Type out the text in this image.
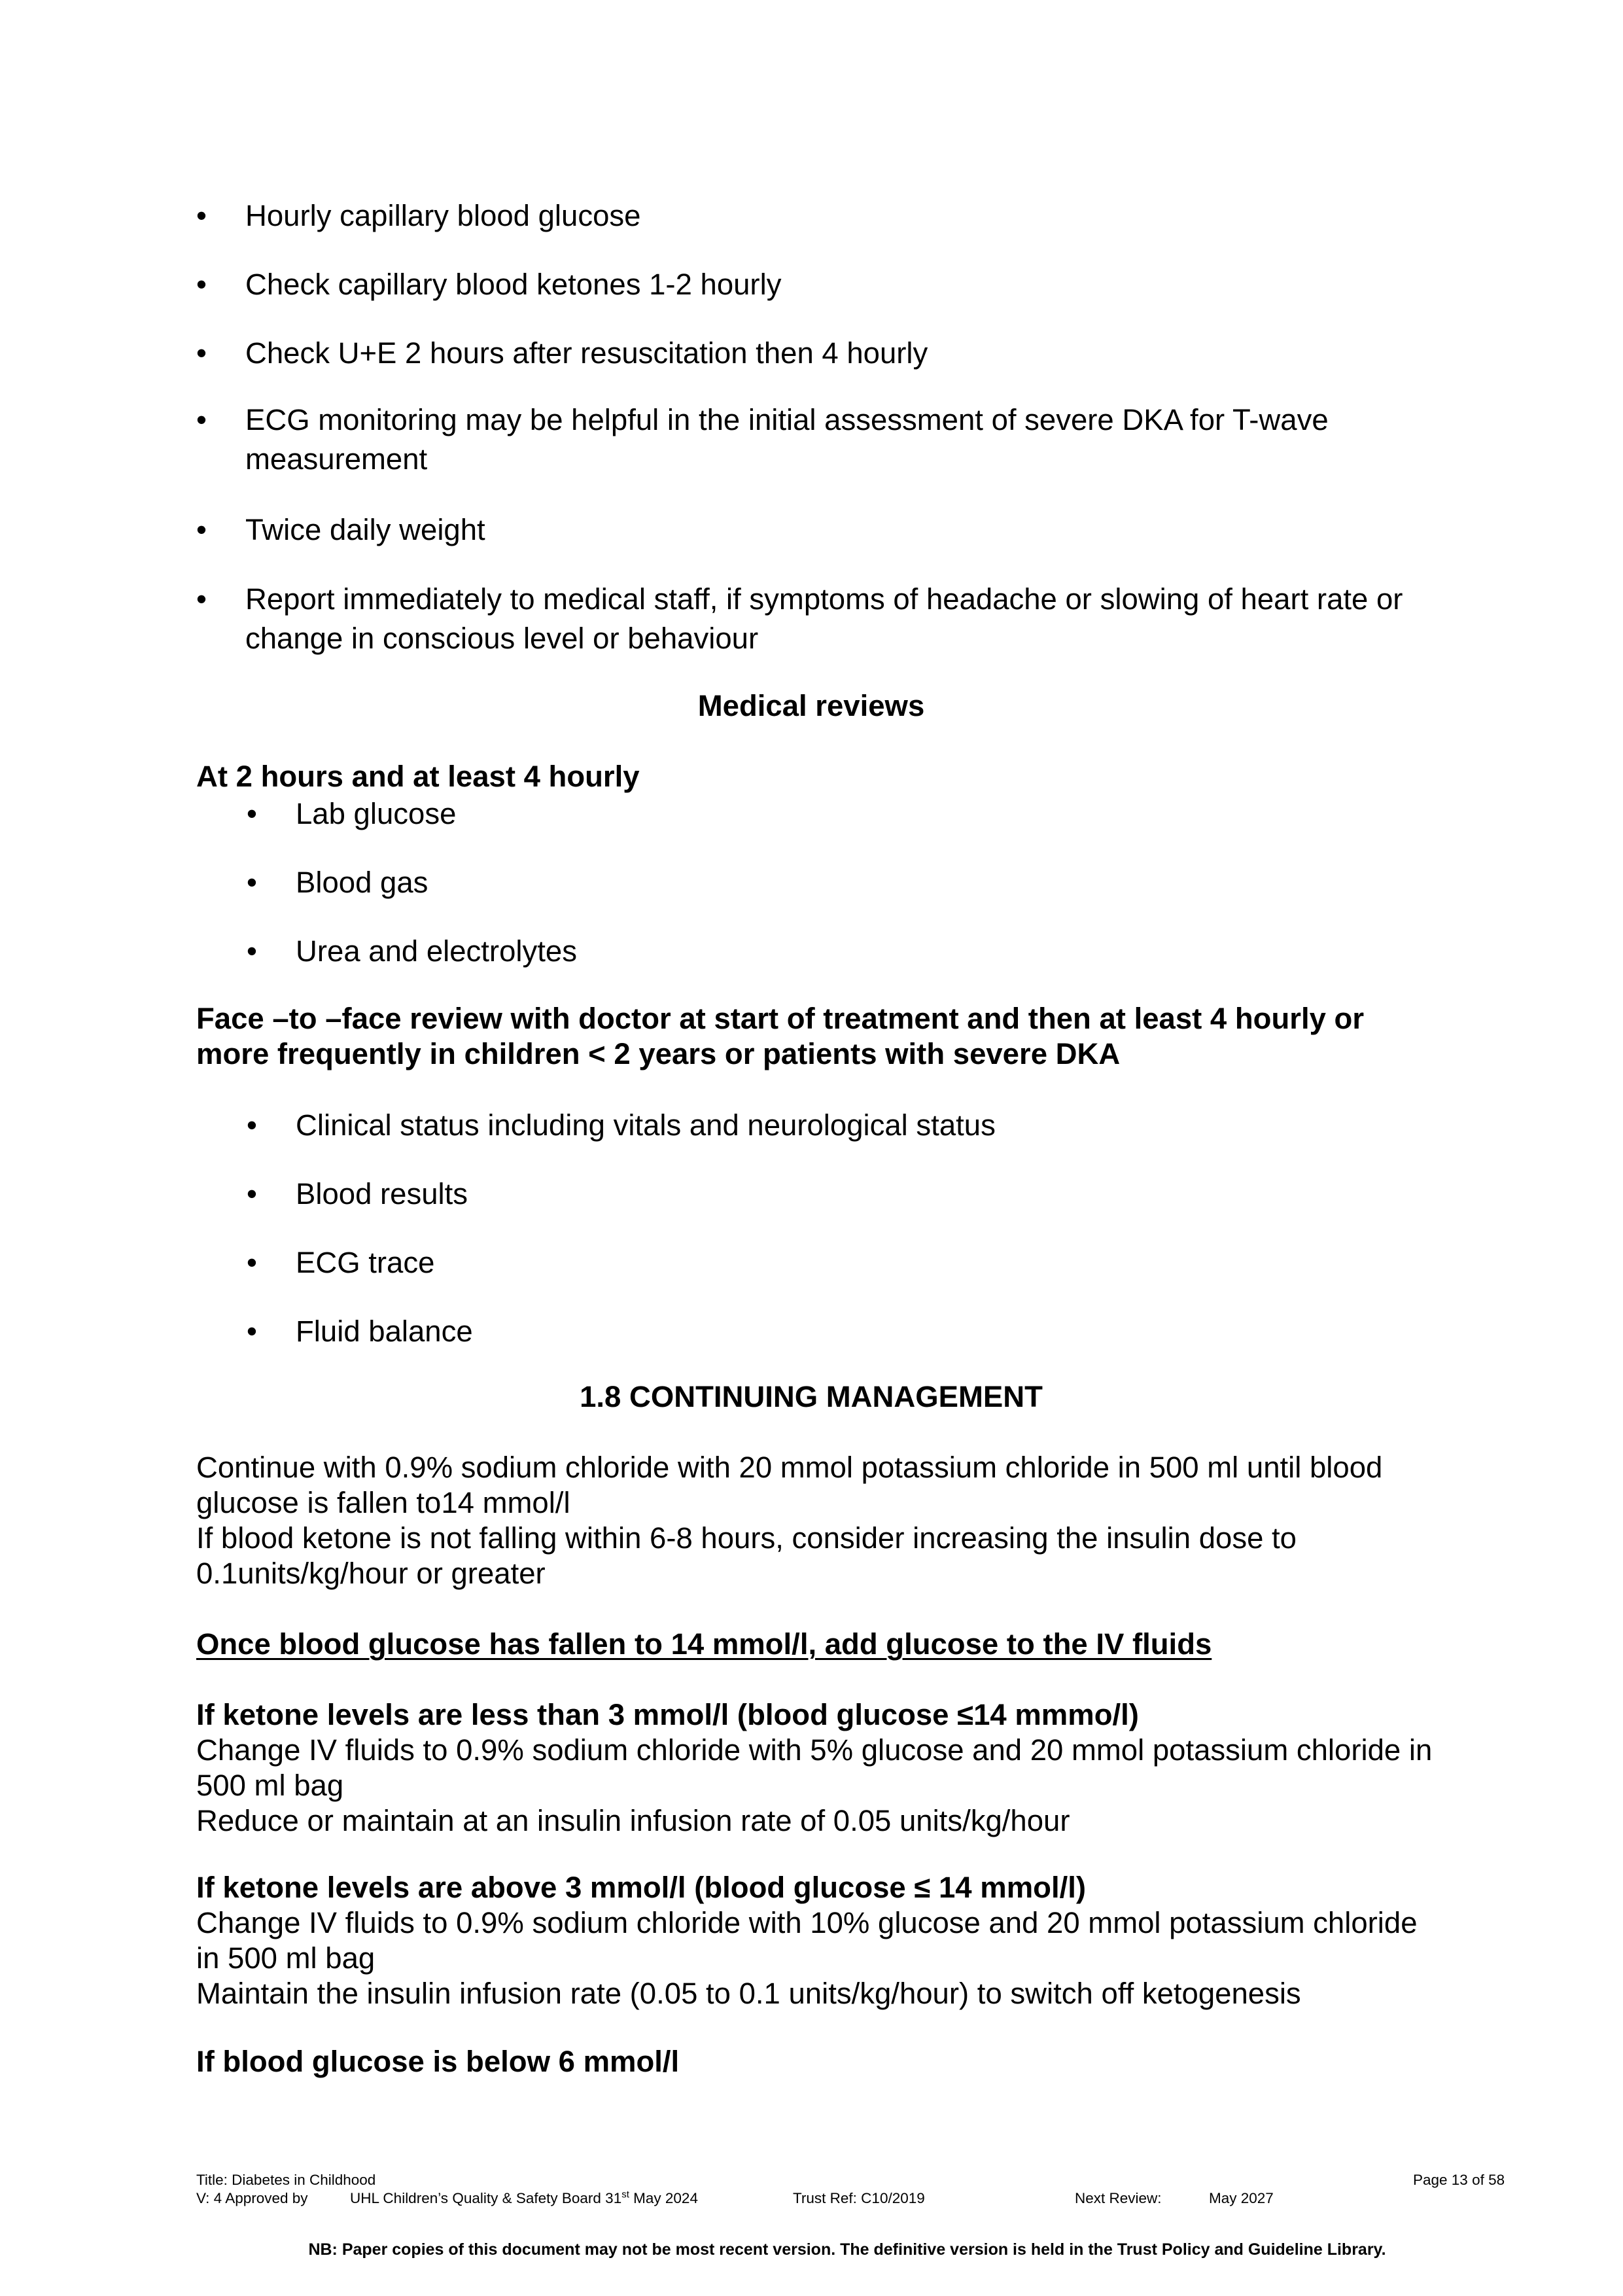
• Hourly capillary blood glucose
• Check capillary blood ketones 1-2 hourly
• Check U+E 2 hours after resuscitation then 4 hourly
• ECG monitoring may be helpful in the initial assessment of severe DKA for T-wave measurement
• Twice daily weight
• Report immediately to medical staff, if symptoms of headache or slowing of heart rate or change in conscious level or behaviour
Medical reviews
At 2 hours and at least 4 hourly
• Lab glucose
• Blood gas
• Urea and electrolytes
Face –to –face review with doctor at start of treatment and then at least 4 hourly or more frequently in children < 2 years or patients with severe DKA
• Clinical status including vitals and neurological status
• Blood results
• ECG trace
• Fluid balance
1.8 CONTINUING MANAGEMENT
Continue with 0.9% sodium chloride with 20 mmol potassium chloride in 500 ml until blood glucose is fallen to14 mmol/l
If blood ketone is not falling within 6-8 hours, consider increasing the insulin dose to 0.1units/kg/hour or greater
Once blood glucose has fallen to 14 mmol/l, add glucose to the IV fluids
If ketone levels are less than 3 mmol/l (blood glucose ≤14 mmmo/l)
Change IV fluids to 0.9% sodium chloride with 5% glucose and 20 mmol potassium chloride in 500 ml bag
Reduce or maintain at an insulin infusion rate of 0.05 units/kg/hour
If ketone levels are above 3 mmol/l (blood glucose ≤ 14 mmol/l)
Change IV fluids to 0.9% sodium chloride with 10% glucose and 20 mmol potassium chloride in 500 ml bag
Maintain the insulin infusion rate (0.05 to 0.1 units/kg/hour) to switch off ketogenesis
If blood glucose is below 6 mmol/l
Title: Diabetes in Childhood	Page 13 of 58
V: 4 Approved by	UHL Children’s Quality & Safety Board 31st May 2024	Trust Ref: C10/2019	Next Review:	May 2027
NB: Paper copies of this document may not be most recent version. The definitive version is held in the Trust Policy and Guideline Library.
